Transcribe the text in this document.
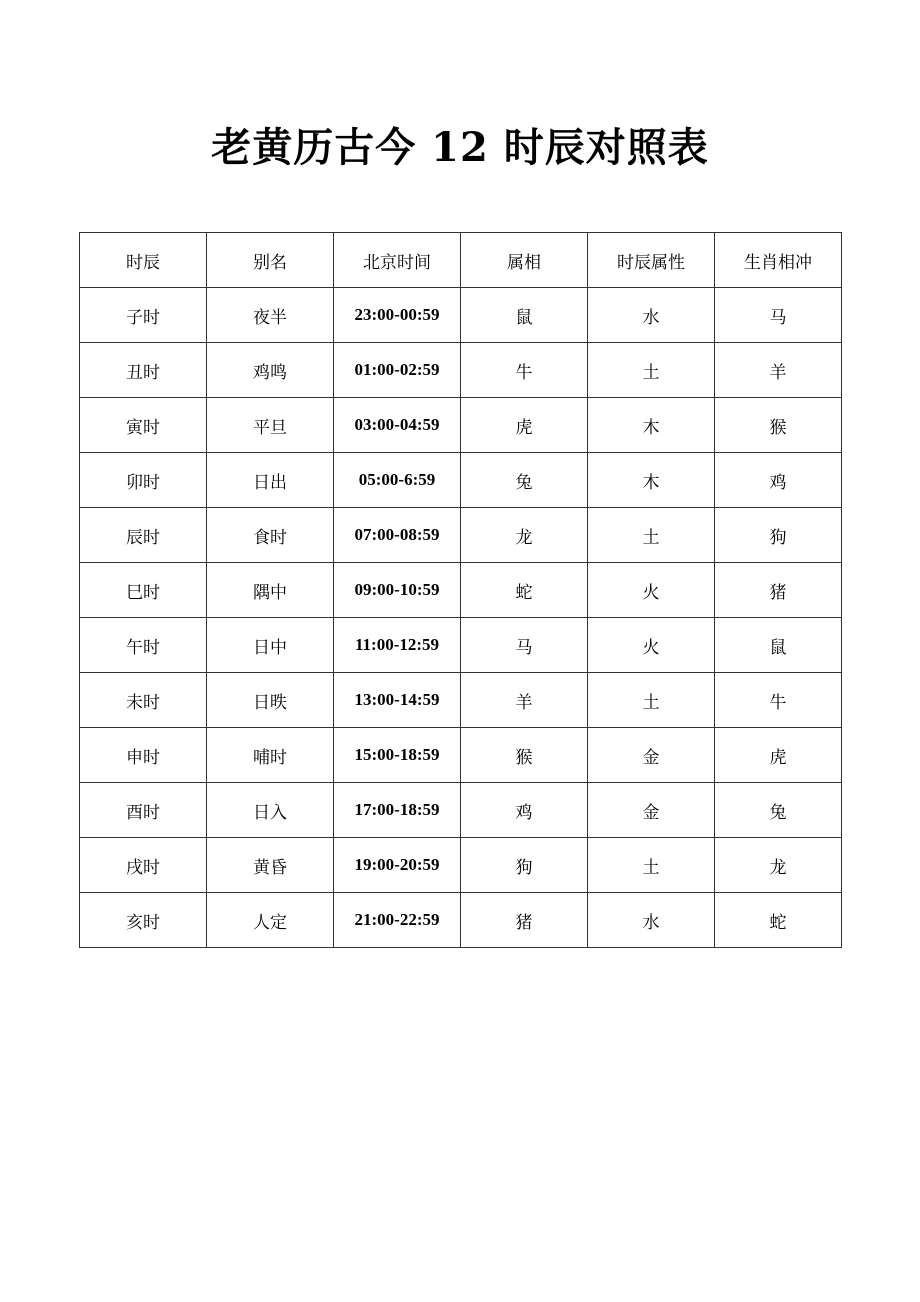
老黄历古今 12 时辰对照表
时辰	别名	北京时间	属相	时辰属性	生肖相冲
子时	夜半	23:00-00:59	鼠	水	马
丑时	鸡鸣	01:00-02:59	牛	土	羊
寅时	平旦	03:00-04:59	虎	木	猴
卯时	日出	05:00-6:59	兔	木	鸡
辰时	食时	07:00-08:59	龙	土	狗
巳时	隅中	09:00-10:59	蛇	火	猪
午时	日中	11:00-12:59	马	火	鼠
未时	日昳	13:00-14:59	羊	土	牛
申时	哺时	15:00-18:59	猴	金	虎
酉时	日入	17:00-18:59	鸡	金	兔
戌时	黄昏	19:00-20:59	狗	土	龙
亥时	人定	21:00-22:59	猪	水	蛇
